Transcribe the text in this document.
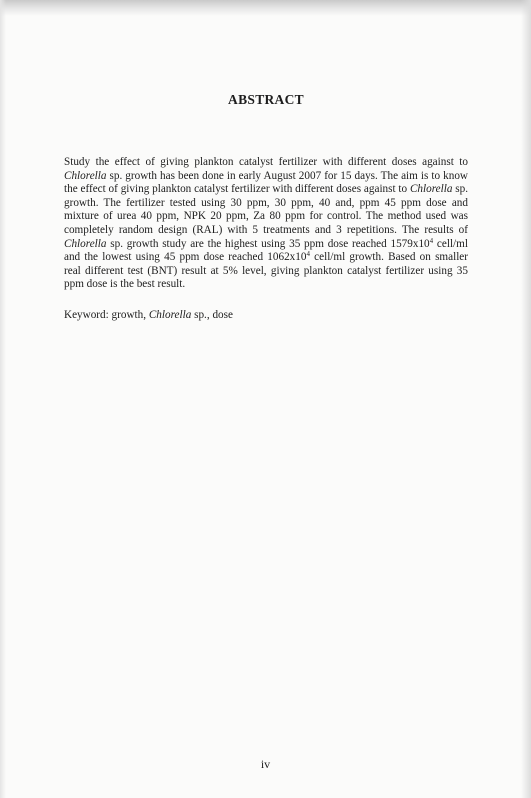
ABSTRACT

Study the effect of giving plankton catalyst fertilizer with different doses against to Chlorella sp. growth has been done in early August 2007 for 15 days. The aim is to know the effect of giving plankton catalyst fertilizer with different doses against to Chlorella sp. growth. The fertilizer tested using 30 ppm, 30 ppm, 40 and, ppm 45 ppm dose and mixture of urea 40 ppm, NPK 20 ppm, Za 80 ppm for control. The method used was completely random design (RAL) with 5 treatments and 3 repetitions. The results of Chlorella sp. growth study are the highest using 35 ppm dose reached $1579x10^4$ cell/ml and the lowest using 45 ppm dose reached $1062x10^4$ cell/ml growth. Based on smaller real different test (BNT) result at 5% level, giving plankton catalyst fertilizer using 35 ppm dose is the best result.

Keyword: growth, Chlorella sp., dose

iv
